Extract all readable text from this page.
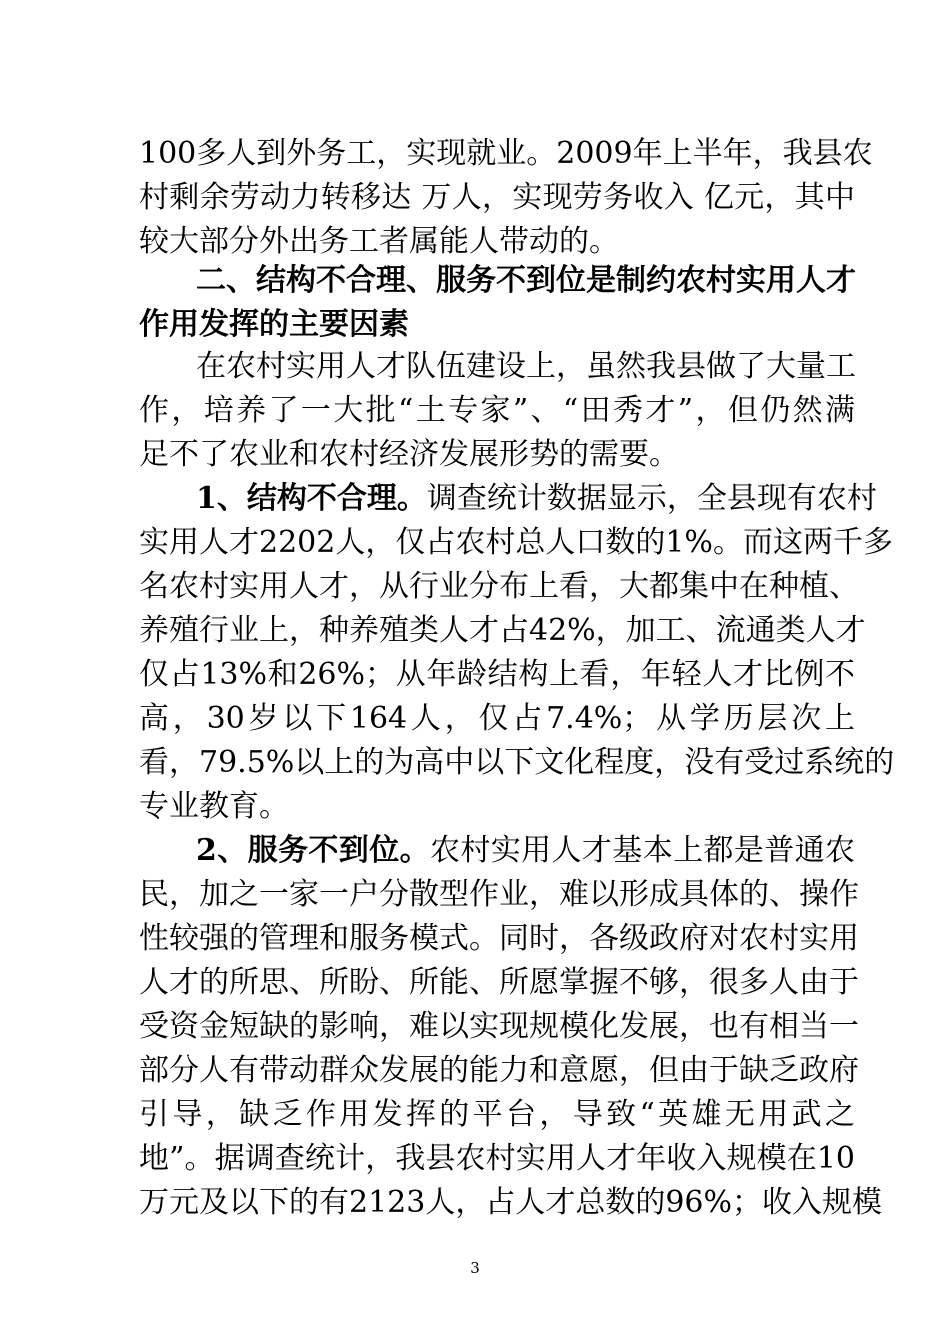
100多人到外务工，实现就业。2009年上半年，我县农
村剩余劳动力转移达 万人，实现劳务收入 亿元，其中
较大部分外出务工者属能人带动的。
二、结构不合理、服务不到位是制约农村实用人才
作用发挥的主要因素
在农村实用人才队伍建设上，虽然我县做了大量工
作，培养了一大批“土专家”、“田秀才”，但仍然满
足不了农业和农村经济发展形势的需要。
1、结构不合理。调查统计数据显示，全县现有农村
实用人才2202人，仅占农村总人口数的1%。而这两千多
名农村实用人才，从行业分布上看，大都集中在种植、
养殖行业上，种养殖类人才占42%，加工、流通类人才
仅占13%和26%；从年龄结构上看，年轻人才比例不
高，30岁以下164人，仅占7.4%；从学历层次上
看，79.5%以上的为高中以下文化程度，没有受过系统的
专业教育。
2、服务不到位。农村实用人才基本上都是普通农
民，加之一家一户分散型作业，难以形成具体的、操作
性较强的管理和服务模式。同时，各级政府对农村实用
人才的所思、所盼、所能、所愿掌握不够，很多人由于
受资金短缺的影响，难以实现规模化发展，也有相当一
部分人有带动群众发展的能力和意愿，但由于缺乏政府
引导，缺乏作用发挥的平台，导致“英雄无用武之
地”。据调查统计，我县农村实用人才年收入规模在10
万元及以下的有2123人，占人才总数的96%；收入规模
3
